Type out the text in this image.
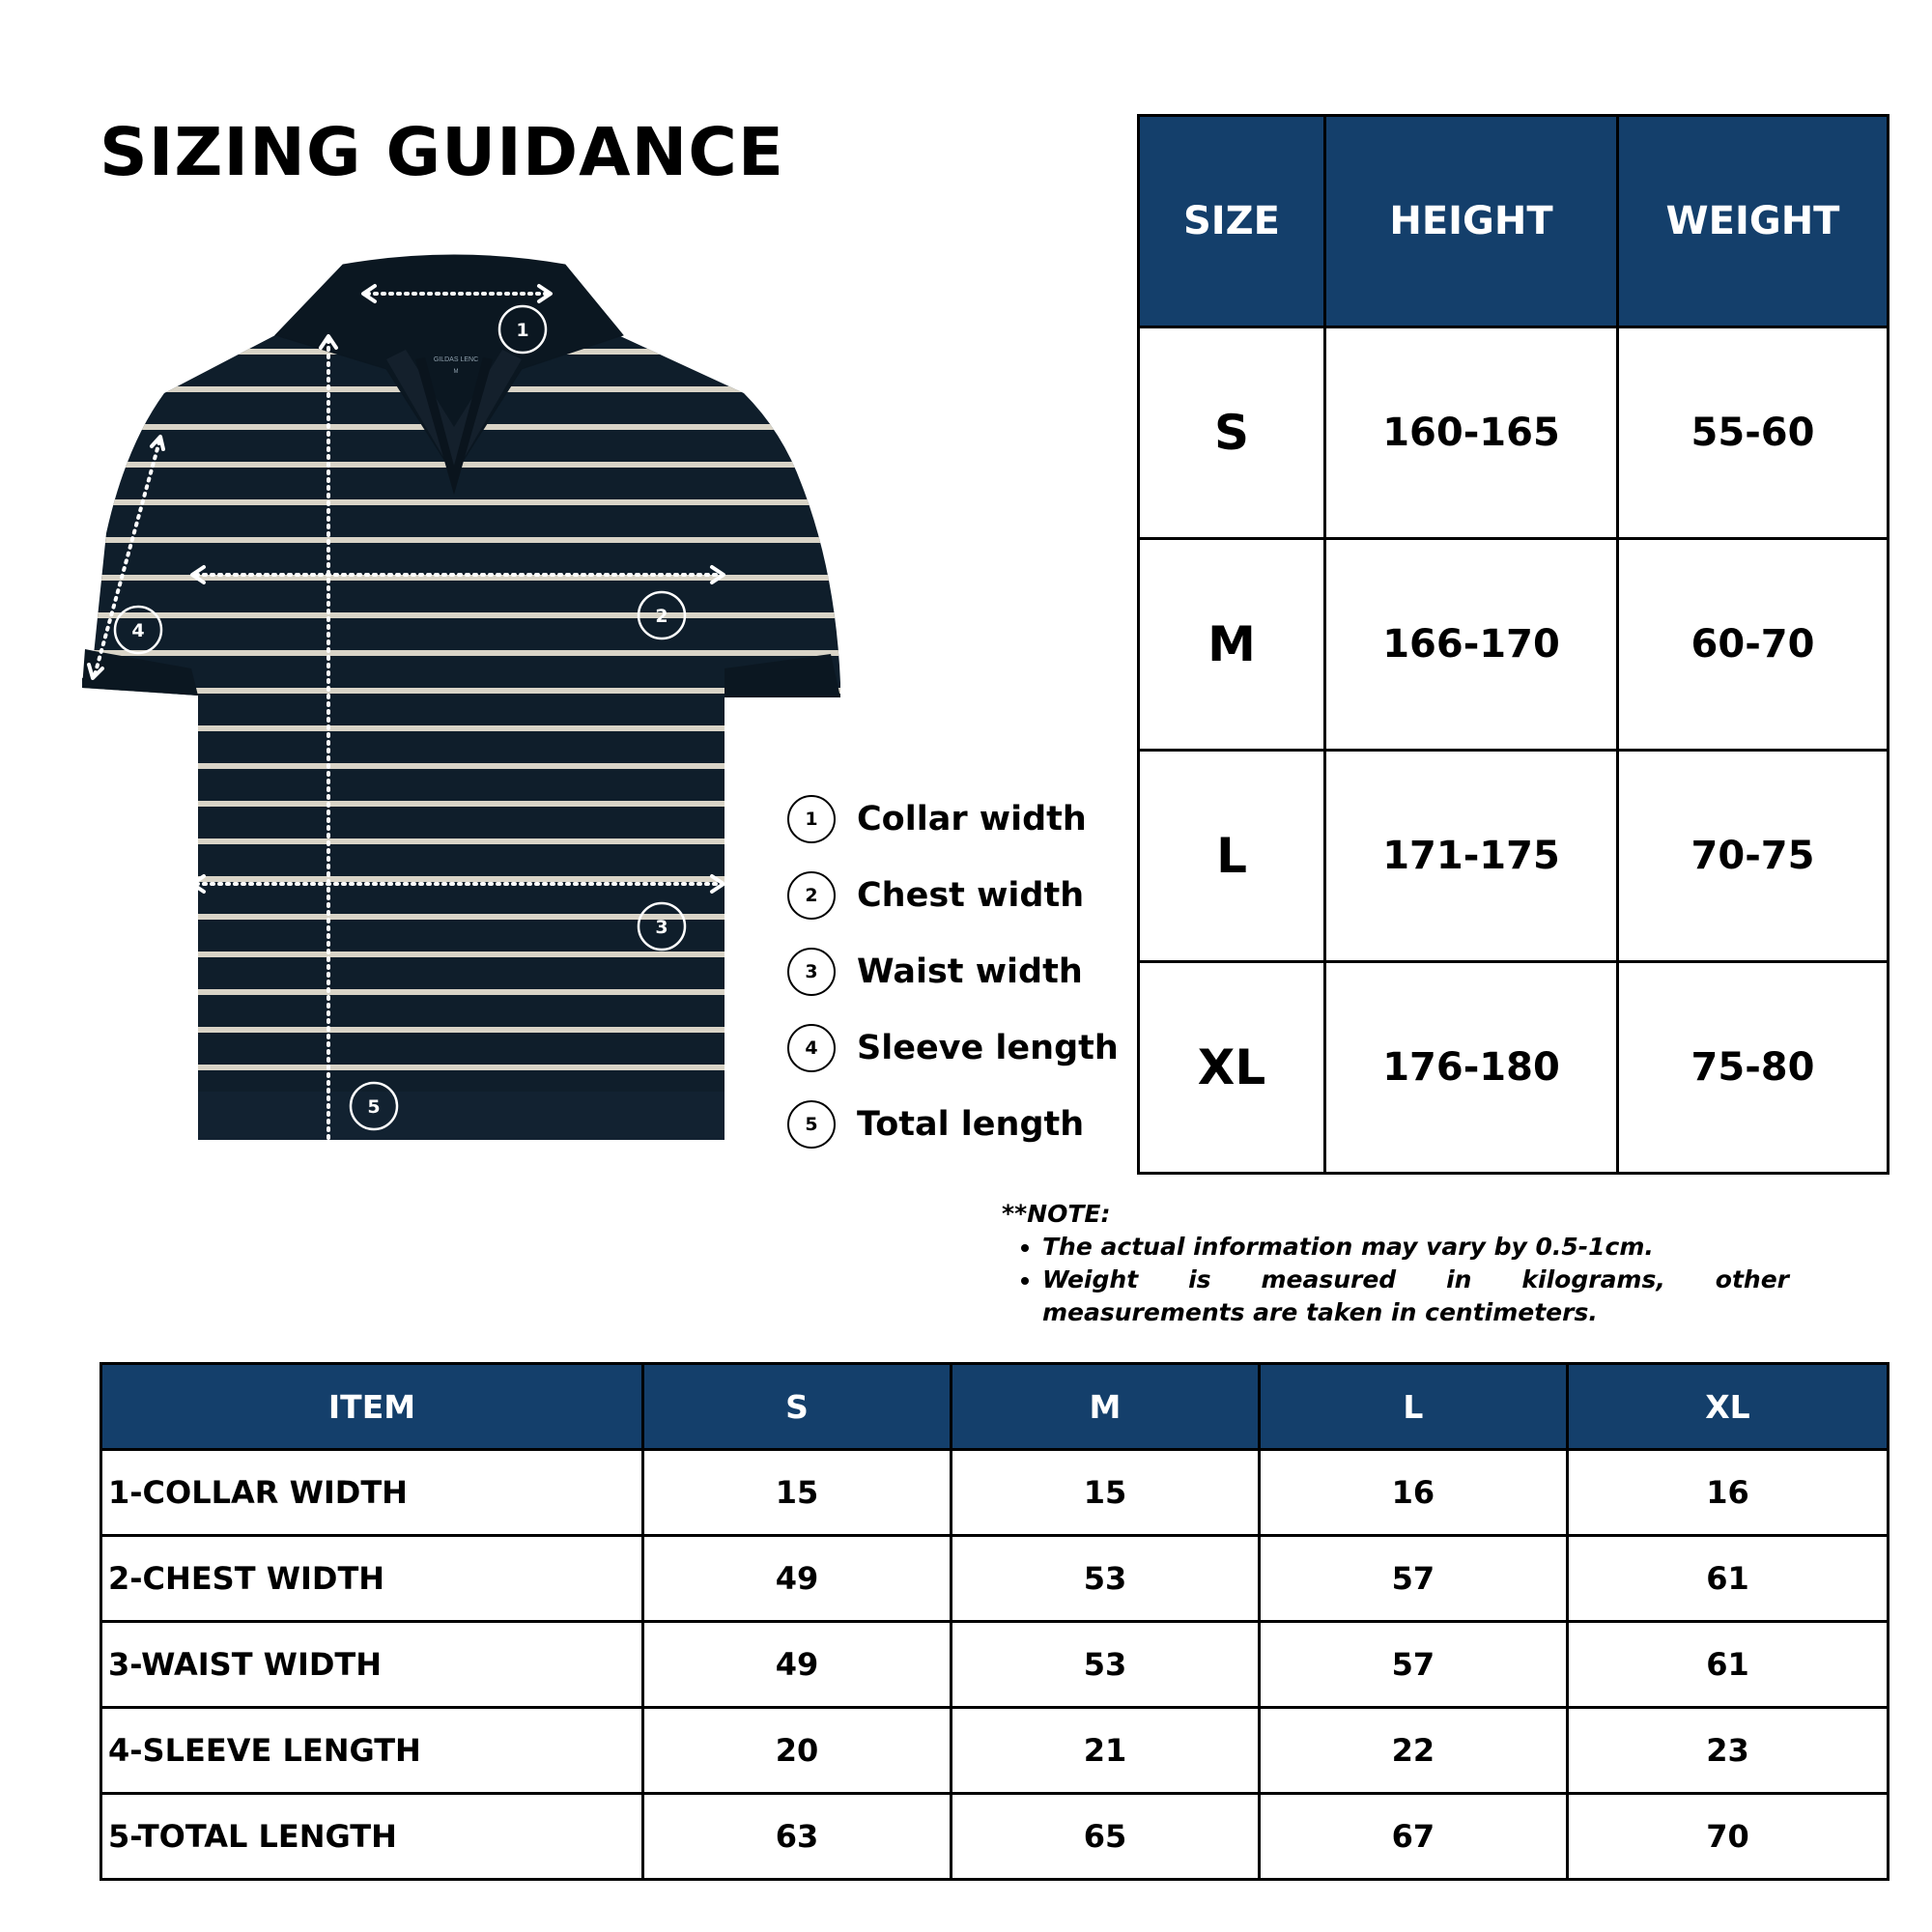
SIZING GUIDANCE
GILDAS LENC
M
1
2
3
4
5
1	Collar width
2	Chest width
3	Waist width
4	Sleeve length
5	Total length
SIZE	HEIGHT	WEIGHT
S	160-165	55-60
M	166-170	60-70
L	171-175	70-75
XL	176-180	75-80
**NOTE:
• The actual information may vary by 0.5-1cm.
• Weight is measured in kilograms, other measurements are taken in centimeters.
ITEM	S	M	L	XL
1-COLLAR WIDTH	15	15	16	16
2-CHEST WIDTH	49	53	57	61
3-WAIST WIDTH	49	53	57	61
4-SLEEVE LENGTH	20	21	22	23
5-TOTAL LENGTH	63	65	67	70
